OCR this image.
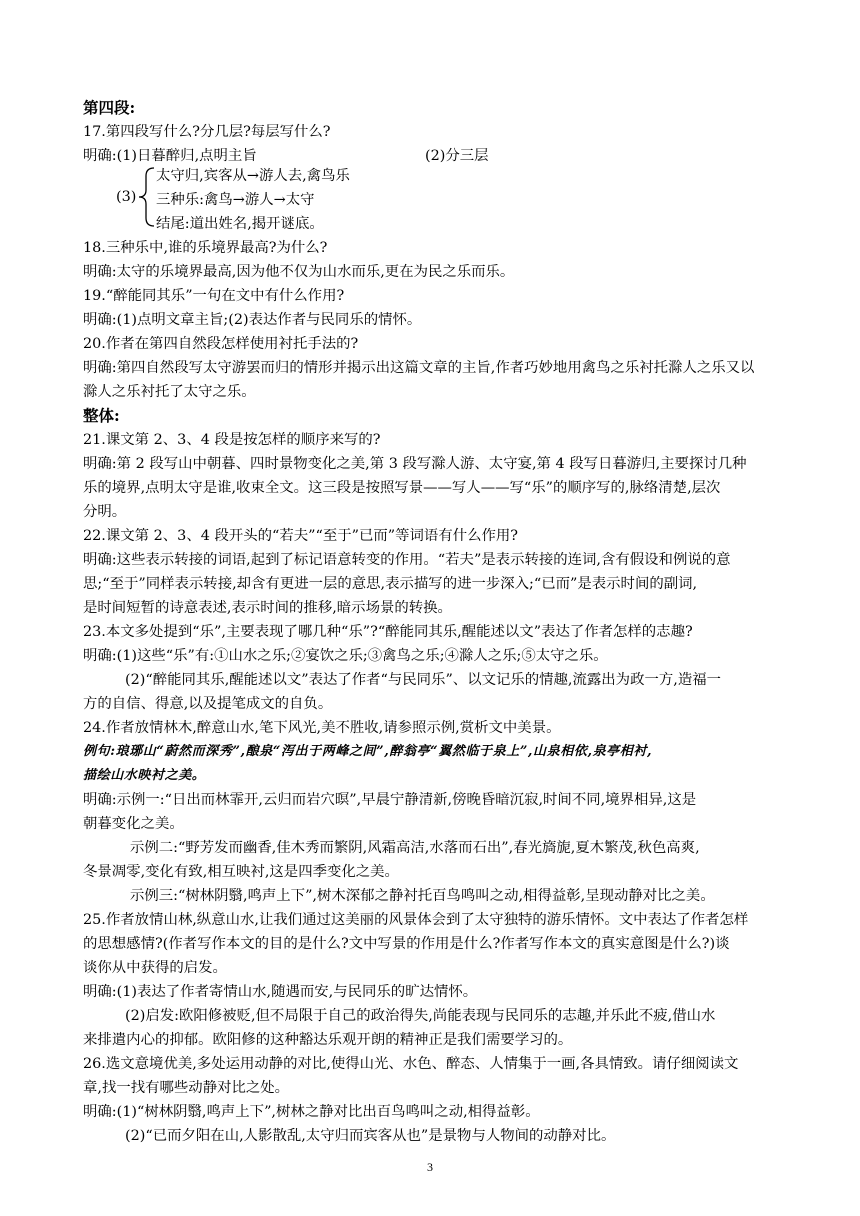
第四段:
17.第四段写什么?分几层?每层写什么?
明确:(1)日暮醉归,点明主旨	(2)分三层
(3)
太守归,宾客从→游人去,禽鸟乐
三种乐:禽鸟→游人→太守
结尾:道出姓名,揭开谜底。
18.三种乐中,谁的乐境界最高?为什么?
明确:太守的乐境界最高,因为他不仅为山水而乐,更在为民之乐而乐。
19.“醉能同其乐”一句在文中有什么作用?
明确:(1)点明文章主旨;(2)表达作者与民同乐的情怀。
20.作者在第四自然段怎样使用衬托手法的?
明确:第四自然段写太守游罢而归的情形并揭示出这篇文章的主旨,作者巧妙地用禽鸟之乐衬托滁人之乐又以
滁人之乐衬托了太守之乐。
整体:
21.课文第 2、3、4 段是按怎样的顺序来写的?
明确:第 2 段写山中朝暮、四时景物变化之美,第 3 段写滁人游、太守宴,第 4 段写日暮游归,主要探讨几种
乐的境界,点明太守是谁,收束全文。这三段是按照写景——写人——写“乐”的顺序写的,脉络清楚,层次
分明。
22.课文第 2、3、4 段开头的“若夫”“至于”已而”等词语有什么作用?
明确:这些表示转接的词语,起到了标记语意转变的作用。“若夫”是表示转接的连词,含有假设和例说的意
思;“至于”同样表示转接,却含有更进一层的意思,表示描写的进一步深入;“已而”是表示时间的副词,
是时间短暂的诗意表述,表示时间的推移,暗示场景的转换。
23.本文多处提到“乐”,主要表现了哪几种“乐”?“醉能同其乐,醒能述以文”表达了作者怎样的志趣?
明确:(1)这些“乐”有:①山水之乐;②宴饮之乐;③禽鸟之乐;④滁人之乐;⑤太守之乐。
(2)“醉能同其乐,醒能述以文”表达了作者“与民同乐”、以文记乐的情趣,流露出为政一方,造福一
方的自信、得意,以及提笔成文的自负。
24.作者放情林木,醉意山水,笔下风光,美不胜收,请参照示例,赏析文中美景。
例句:琅琊山“蔚然而深秀”,酿泉“泻出于两峰之间”,醉翁亭“翼然临于泉上”,山泉相依,泉亭相衬,
描绘山水映衬之美。
明确:示例一:“日出而林霏开,云归而岩穴暝”,早晨宁静清新,傍晚昏暗沉寂,时间不同,境界相异,这是
朝暮变化之美。
示例二:“野芳发而幽香,佳木秀而繁阴,风霜高洁,水落而石出”,春光旖旎,夏木繁茂,秋色高爽,
冬景凋零,变化有致,相互映衬,这是四季变化之美。
示例三:“树林阴翳,鸣声上下”,树木深郁之静衬托百鸟鸣叫之动,相得益彰,呈现动静对比之美。
25.作者放情山林,纵意山水,让我们通过这美丽的风景体会到了太守独特的游乐情怀。文中表达了作者怎样
的思想感情?(作者写作本文的目的是什么?文中写景的作用是什么?作者写作本文的真实意图是什么?)谈
谈你从中获得的启发。
明确:(1)表达了作者寄情山水,随遇而安,与民同乐的旷达情怀。
(2)启发:欧阳修被贬,但不局限于自己的政治得失,尚能表现与民同乐的志趣,并乐此不疲,借山水
来排遣内心的抑郁。欧阳修的这种豁达乐观开朗的精神正是我们需要学习的。
26.选文意境优美,多处运用动静的对比,使得山光、水色、醉态、人情集于一画,各具情致。请仔细阅读文
章,找一找有哪些动静对比之处。
明确:(1)“树林阴翳,鸣声上下”,树林之静对比出百鸟鸣叫之动,相得益彰。
(2)“已而夕阳在山,人影散乱,太守归而宾客从也”是景物与人物间的动静对比。
3
